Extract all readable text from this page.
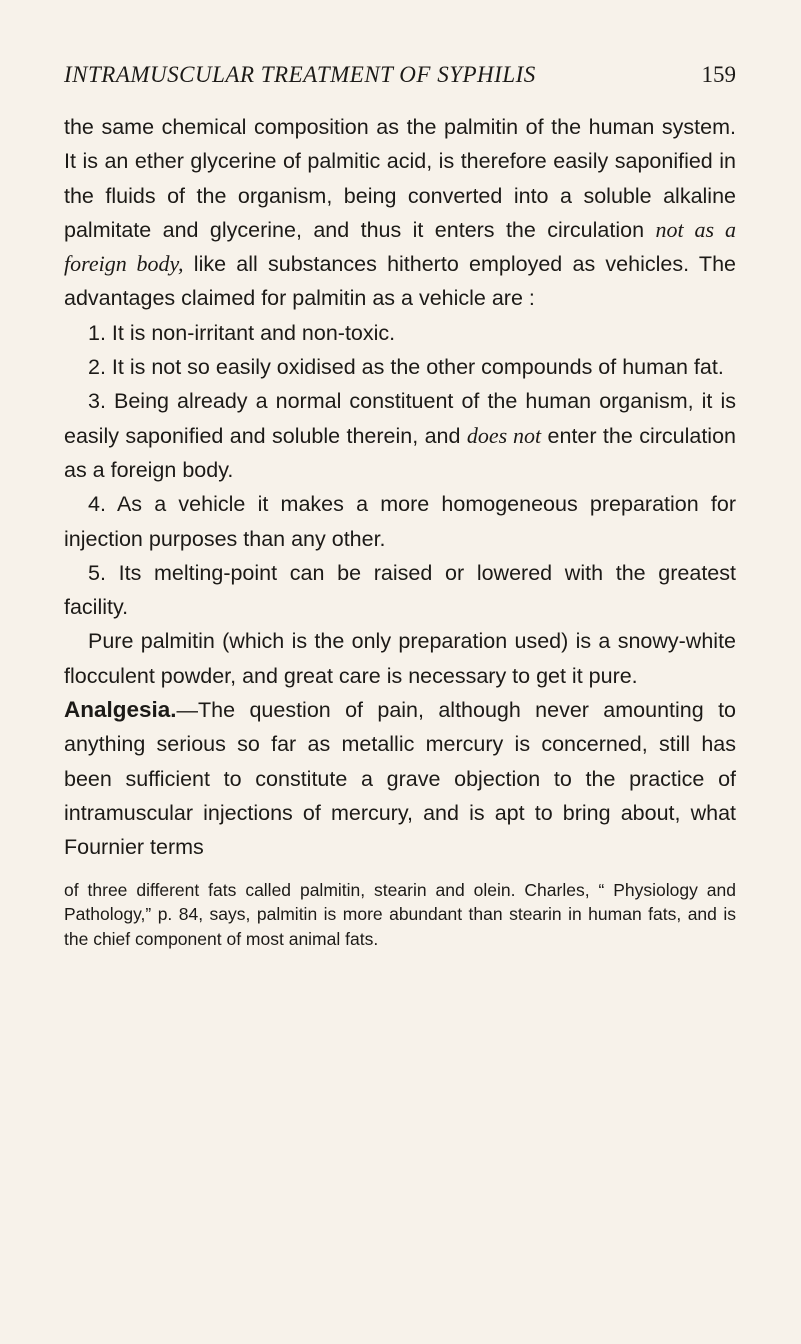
INTRAMUSCULAR TREATMENT OF SYPHILIS	159

the same chemical composition as the palmitin of the human system. It is an ether glycerine of palmitic acid, is therefore easily saponified in the fluids of the organism, being converted into a soluble alkaline palmitate and glycerine, and thus it enters the circulation not as a foreign body, like all substances hitherto employed as vehicles. The advantages claimed for palmitin as a vehicle are :

1. It is non-irritant and non-toxic.

2. It is not so easily oxidised as the other compounds of human fat.

3. Being already a normal constituent of the human organism, it is easily saponified and soluble therein, and does not enter the circulation as a foreign body.

4. As a vehicle it makes a more homogeneous preparation for injection purposes than any other.

5. Its melting-point can be raised or lowered with the greatest facility.

Pure palmitin (which is the only preparation used) is a snowy-white flocculent powder, and great care is necessary to get it pure.

Analgesia.—The question of pain, although never amounting to anything serious so far as metallic mercury is concerned, still has been sufficient to constitute a grave objection to the practice of intramuscular injections of mercury, and is apt to bring about, what Fournier terms

of three different fats called palmitin, stearin and olein. Charles, “ Physiology and Pathology,” p. 84, says, palmitin is more abundant than stearin in human fats, and is the chief component of most animal fats.
